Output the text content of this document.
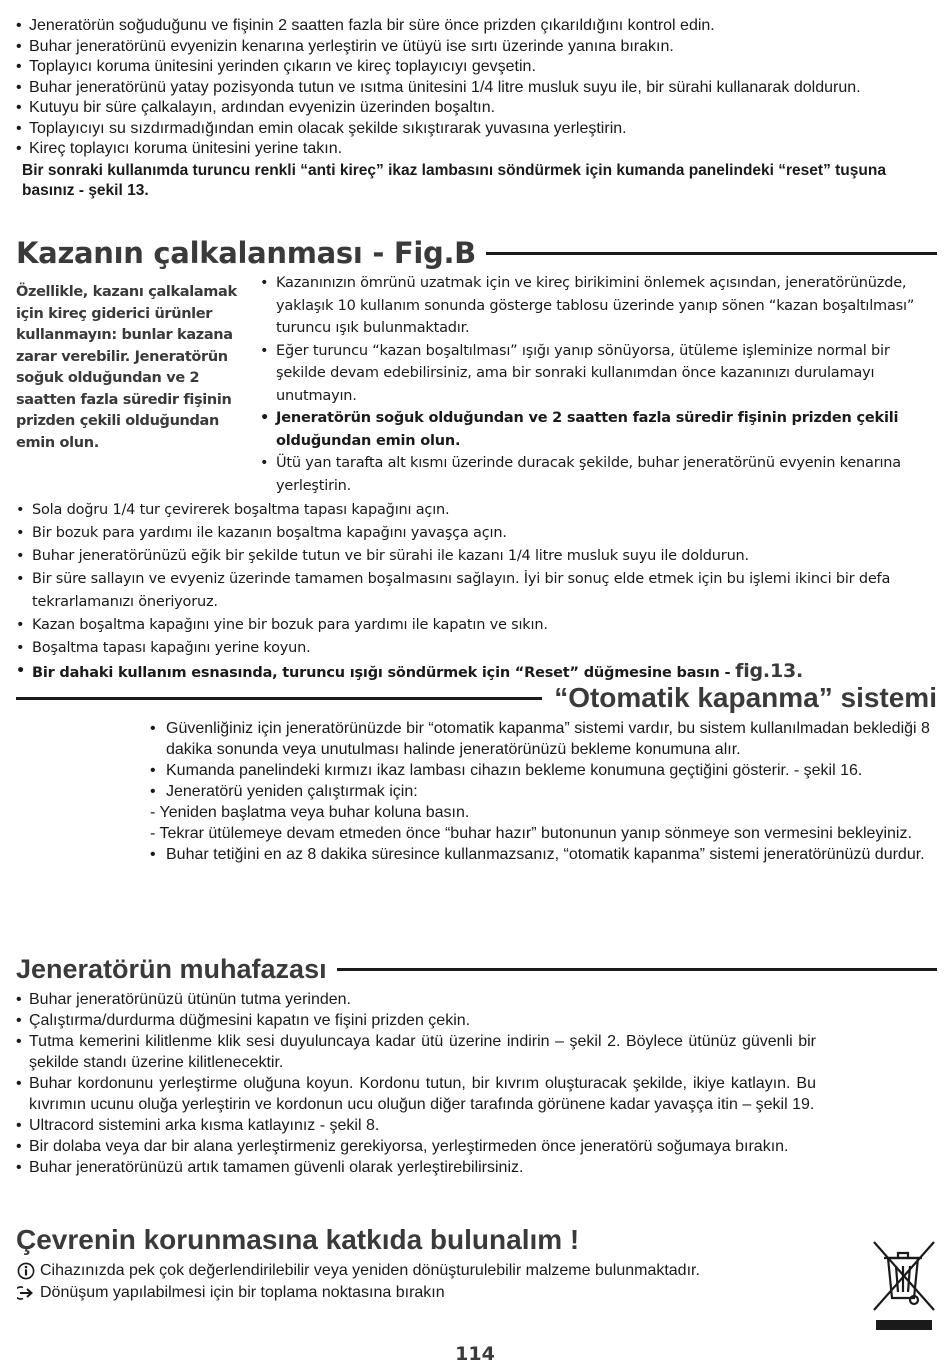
• Jeneratörün soğuduğunu ve fişinin 2 saatten fazla bir süre önce prizden çıkarıldığını kontrol edin.
• Buhar jeneratörünü evyenizin kenarına yerleştirin ve ütüyü ise sırtı üzerinde yanına bırakın.
• Toplayıcı koruma ünitesini yerinden çıkarın ve kireç toplayıcıyı gevşetin.
• Buhar jeneratörünü yatay pozisyonda tutun ve ısıtma ünitesini 1/4 litre musluk suyu ile, bir sürahi kullanarak doldurun.
• Kutuyu bir süre çalkalayın, ardından evyenizin üzerinden boşaltın.
• Toplayıcıyı su sızdırmadığından emin olacak şekilde sıkıştırarak yuvasına yerleştirin.
• Kireç toplayıcı koruma ünitesini yerine takın.
Bir sonraki kullanımda turuncu renkli “anti kireç” ikaz lambasını söndürmek için kumanda panelindeki “reset” tuşuna basınız - şekil 13.
Kazanın çalkalanması - Fig.B
Özellikle, kazanı çalkalamak için kireç giderici ürünler kullanmayın: bunlar kazana zarar verebilir. Jeneratörün soğuk olduğundan ve 2 saatten fazla süredir fişinin prizden çekili olduğundan emin olun.
• Kazanınızın ömrünü uzatmak için ve kireç birikimini önlemek açısından, jeneratörünüzde, yaklaşık 10 kullanım sonunda gösterge tablosu üzerinde yanıp sönen “kazan boşaltılması” turuncu ışık bulunmaktadır.
• Eğer turuncu “kazan boşaltılması” ışığı yanıp sönüyorsa, ütüleme işleminize normal bir şekilde devam edebilirsiniz, ama bir sonraki kullanımdan önce kazanınızı durulamayı unutmayın.
• Jeneratörün soğuk olduğundan ve 2 saatten fazla süredir fişinin prizden çekili olduğundan emin olun.
• Ütü yan tarafta alt kısmı üzerinde duracak şekilde, buhar jeneratörünü evyenin kenarına yerleştirin.
• Sola doğru 1/4 tur çevirerek boşaltma tapası kapağını açın.
• Bir bozuk para yardımı ile kazanın boşaltma kapağını yavaşça açın.
• Buhar jeneratörünüzü eğik bir şekilde tutun ve bir sürahi ile kazanı 1/4 litre musluk suyu ile doldurun.
• Bir süre sallayın ve evyeniz üzerinde tamamen boşalmasını sağlayın. İyi bir sonuç elde etmek için bu işlemi ikinci bir defa tekrarlamanızı öneriyoruz.
• Kazan boşaltma kapağını yine bir bozuk para yardımı ile kapatın ve sıkın.
• Boşaltma tapası kapağını yerine koyun.
• Bir dahaki kullanım esnasında, turuncu ışığı söndürmek için “Reset” düğmesine basın - fig.13.
“Otomatik kapanma” sistemi
• Güvenliğiniz için jeneratörünüzde bir “otomatik kapanma” sistemi vardır, bu sistem kullanılmadan beklediği 8 dakika sonunda veya unutulması halinde jeneratörünüzü bekleme konumuna alır.
• Kumanda panelindeki kırmızı ikaz lambası cihazın bekleme konumuna geçtiğini gösterir. - şekil 16.
• Jeneratörü yeniden çalıştırmak için:
- Yeniden başlatma veya buhar koluna basın.
- Tekrar ütülemeye devam etmeden önce “buhar hazır” butonunun yanıp sönmeye son vermesini bekleyiniz.
• Buhar tetiğini en az 8 dakika süresince kullanmazsanız, “otomatik kapanma” sistemi jeneratörünüzü durdur.
Jeneratörün muhafazası
• Buhar jeneratörünüzü ütünün tutma yerinden.
• Çalıştırma/durdurma düğmesini kapatın ve fişini prizden çekin.
• Tutma kemerini kilitlenme klik sesi duyuluncaya kadar ütü üzerine indirin – şekil 2. Böylece ütünüz güvenli bir şekilde standı üzerine kilitlenecektir.
• Buhar kordonunu yerleştirme oluğuna koyun. Kordonu tutun, bir kıvrım oluşturacak şekilde, ikiye katlayın. Bu kıvrımın ucunu oluğa yerleştirin ve kordonun ucu oluğun diğer tarafında görünene kadar yavaşça itin – şekil 19.
• Ultracord sistemini arka kısma katlayınız - şekil 8.
• Bir dolaba veya dar bir alana yerleştirmeniz gerekiyorsa, yerleştirmeden önce jeneratörü soğumaya bırakın.
• Buhar jeneratörünüzü artık tamamen güvenli olarak yerleştirebilirsiniz.
Çevrenin korunmasına katkıda bulunalım !
Cihazınızda pek çok değerlendirilebilir veya yeniden dönüşturulebilir malzeme bulunmaktadır.
Dönüşum yapılabilmesi için bir toplama noktasına bırakın
114
